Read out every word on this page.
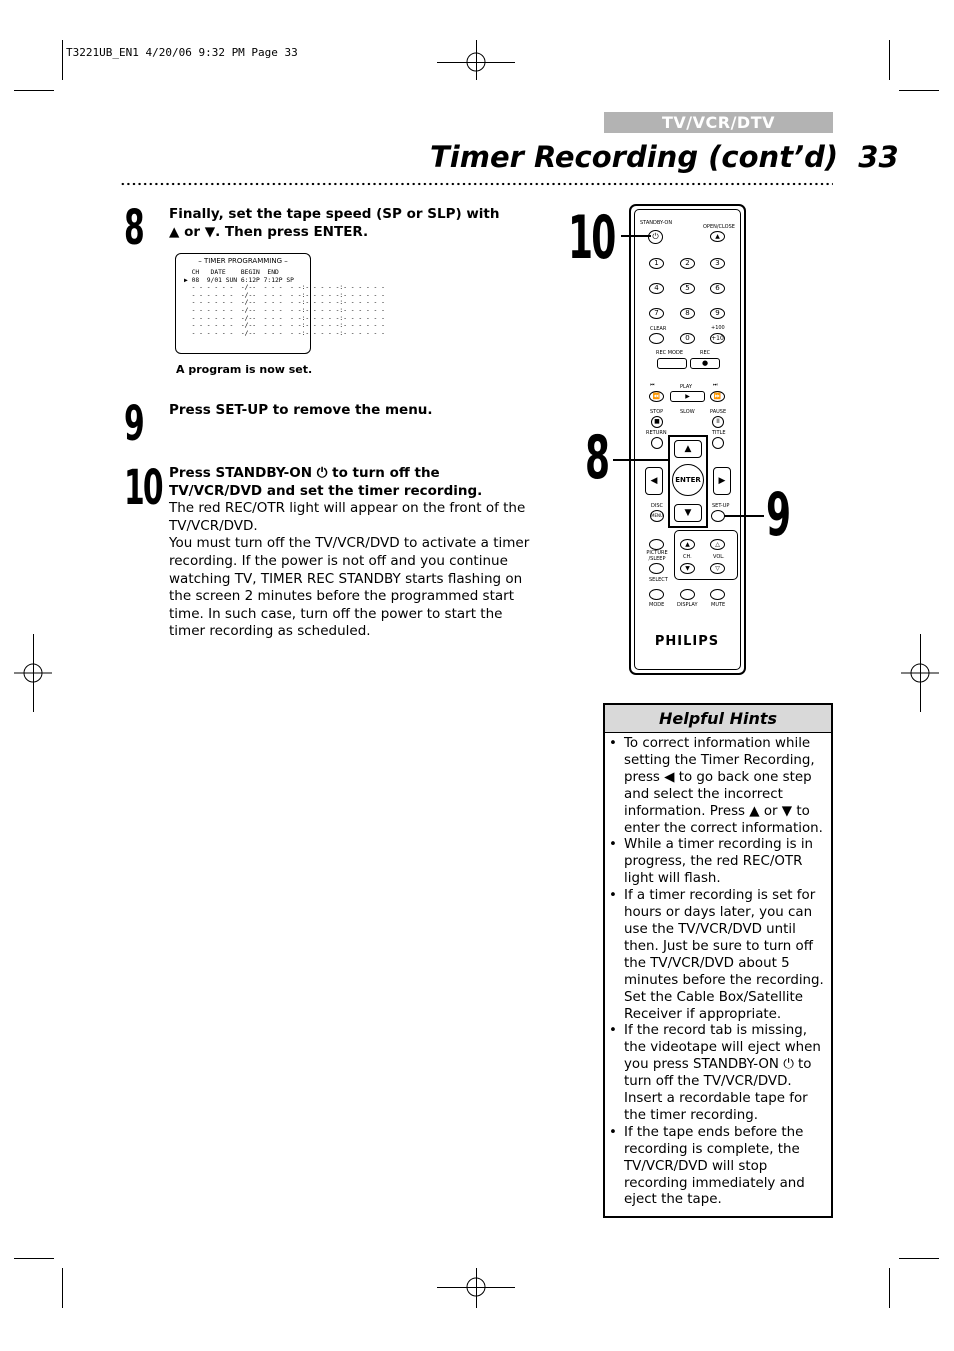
T3221UB_EN1 4/20/06 9:32 PM Page 33
TV/VCR/DTV
Timer Recording (cont’d) 33
8 Finally, set the tape speed (SP or SLP) with ▲ or ▼. Then press ENTER.
– TIMER PROGRAMMING –
CH   DATE    BEGIN  END
▶ 08  9/01 SUN 6:12P 7:12P SP
- - - - - -  -/--  - - -  - -:- - - - -:- - - - - -
- - - - - -  -/--  - - -  - -:- - - - -:- - - - - -
- - - - - -  -/--  - - -  - -:- - - - -:- - - - - -
- - - - - -  -/--  - - -  - -:- - - - -:- - - - - -
- - - - - -  -/--  - - -  - -:- - - - -:- - - - - -
- - - - - -  -/--  - - -  - -:- - - - -:- - - - - -
- - - - - -  -/--  - - -  - -:- - - - -:- - - - - -
A program is now set.
9 Press SET-UP to remove the menu.
10 Press STANDBY-ON ⏻ to turn off the TV/VCR/DVD and set the timer recording.
The red REC/OTR light will appear on the front of the TV/VCR/DVD.
You must turn off the TV/VCR/DVD to activate a timer recording. If the power is not off and you continue watching TV, TIMER REC STANDBY starts flashing on the screen 2 minutes before the programmed start time. In such case, turn off the power to start the timer recording as scheduled.
10
8
9
STANDBY-ON
OPEN/CLOSE
⏻	▲
1	2	3
4	5	6
7	8	9
CLEAR	+100
0	+10
REC MODE	REC
●
⏮	PLAY	⏭
⏪	▶	⏩
STOP	SLOW	PAUSE
■	II
RETURN	TITLE
▲
ENTER
▼
◀	▶
DISC
MENU
SET-UP
PICTURE /SLEEP
▲
CH.
▼
△
VOL.
▽
SELECT
MODE	DISPLAY	MUTE
PHILIPS
Helpful Hints
• To correct information while setting the Timer Recording, press ◀ to go back one step and select the incorrect information. Press ▲ or ▼ to enter the correct information.
• While a timer recording is in progress, the red REC/OTR light will flash.
• If a timer recording is set for hours or days later, you can use the TV/VCR/DVD until then. Just be sure to turn off the TV/VCR/DVD about 5 minutes before the recording. Set the Cable Box/Satellite Receiver if appropriate.
• If the record tab is missing, the videotape will eject when you press STANDBY-ON ⏻ to turn off the TV/VCR/DVD. Insert a recordable tape for the timer recording.
• If the tape ends before the recording is complete, the TV/VCR/DVD will stop recording immediately and eject the tape.
